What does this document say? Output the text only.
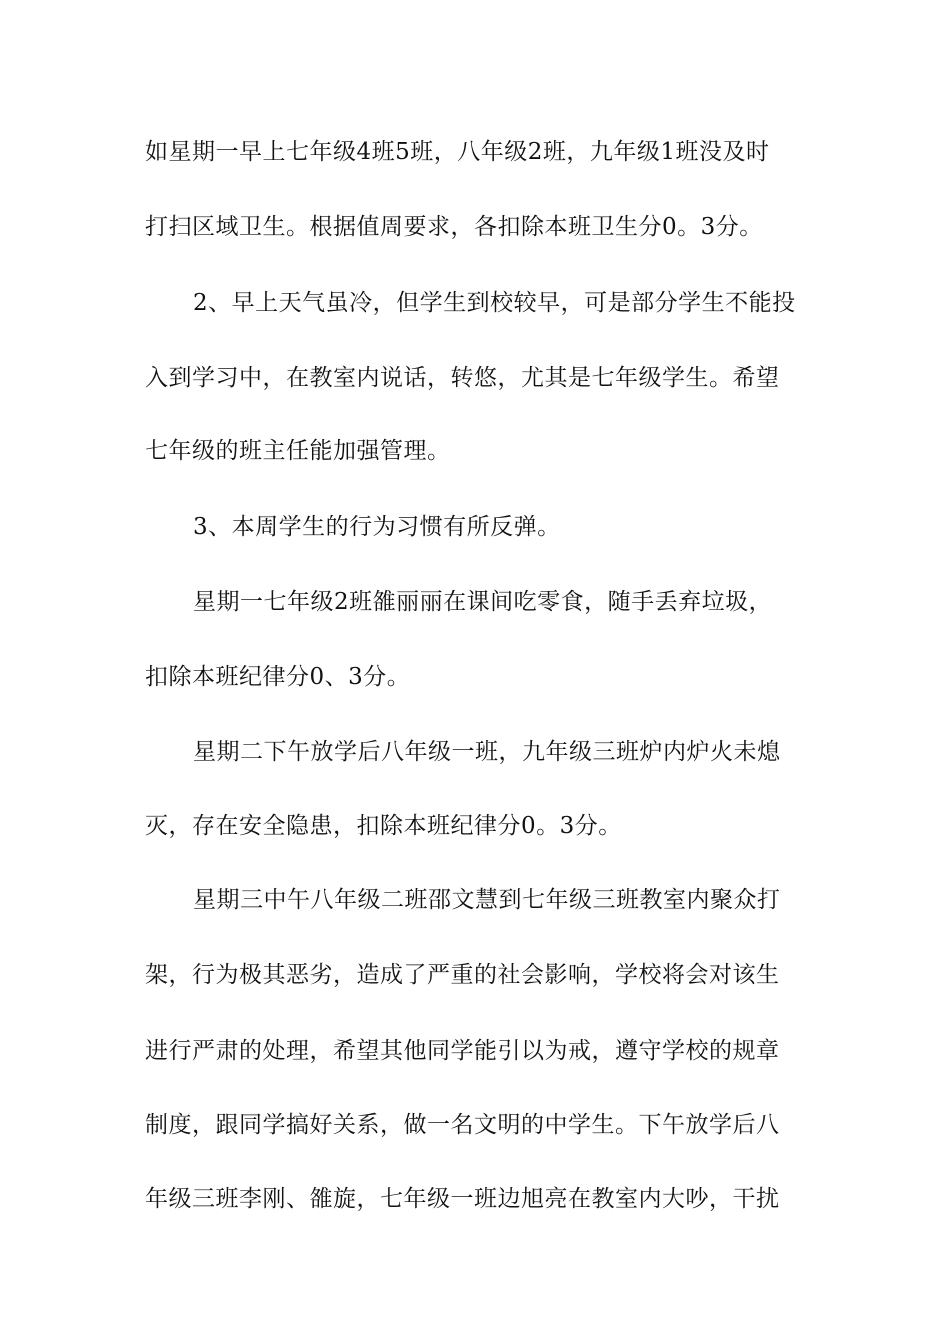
如星期一早上七年级4班5班，八年级2班，九年级1班没及时
打扫区域卫生。根据值周要求，各扣除本班卫生分0。3分。
2、早上天气虽冷，但学生到校较早，可是部分学生不能投
入到学习中，在教室内说话，转悠，尤其是七年级学生。希望
七年级的班主任能加强管理。
3、本周学生的行为习惯有所反弹。
星期一七年级2班雒丽丽在课间吃零食，随手丢弃垃圾，
扣除本班纪律分0、3分。
星期二下午放学后八年级一班，九年级三班炉内炉火未熄
灭，存在安全隐患，扣除本班纪律分0。3分。
星期三中午八年级二班邵文慧到七年级三班教室内聚众打
架，行为极其恶劣，造成了严重的社会影响，学校将会对该生
进行严肃的处理，希望其他同学能引以为戒，遵守学校的规章
制度，跟同学搞好关系，做一名文明的中学生。下午放学后八
年级三班李刚、雒旋，七年级一班边旭亮在教室内大吵，干扰
